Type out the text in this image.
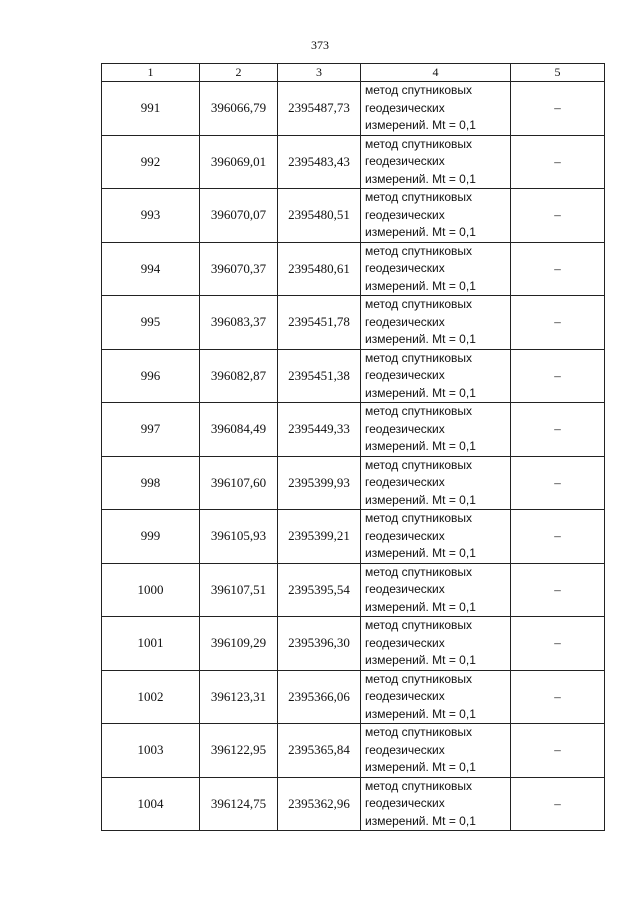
373
1	2	3	4	5
991	396066,79	2395487,73	метод спутниковых
геодезических
измерений. Mt = 0,1	–
992	396069,01	2395483,43	метод спутниковых
геодезических
измерений. Mt = 0,1	–
993	396070,07	2395480,51	метод спутниковых
геодезических
измерений. Mt = 0,1	–
994	396070,37	2395480,61	метод спутниковых
геодезических
измерений. Mt = 0,1	–
995	396083,37	2395451,78	метод спутниковых
геодезических
измерений. Mt = 0,1	–
996	396082,87	2395451,38	метод спутниковых
геодезических
измерений. Mt = 0,1	–
997	396084,49	2395449,33	метод спутниковых
геодезических
измерений. Mt = 0,1	–
998	396107,60	2395399,93	метод спутниковых
геодезических
измерений. Mt = 0,1	–
999	396105,93	2395399,21	метод спутниковых
геодезических
измерений. Mt = 0,1	–
1000	396107,51	2395395,54	метод спутниковых
геодезических
измерений. Mt = 0,1	–
1001	396109,29	2395396,30	метод спутниковых
геодезических
измерений. Mt = 0,1	–
1002	396123,31	2395366,06	метод спутниковых
геодезических
измерений. Mt = 0,1	–
1003	396122,95	2395365,84	метод спутниковых
геодезических
измерений. Mt = 0,1	–
1004	396124,75	2395362,96	метод спутниковых
геодезических
измерений. Mt = 0,1	–
